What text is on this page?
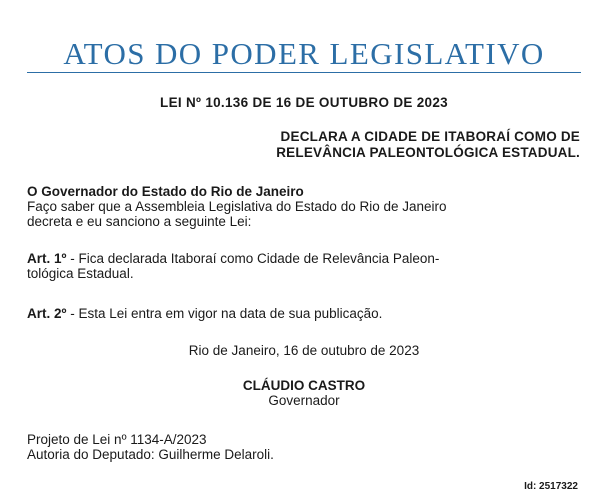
ATOS DO PODER LEGISLATIVO
LEI Nº 10.136 DE 16 DE OUTUBRO DE 2023
DECLARA A CIDADE DE ITABORAÍ COMO DE
RELEVÂNCIA PALEONTOLÓGICA ESTADUAL.
O Governador do Estado do Rio de Janeiro
Faço saber que a Assembleia Legislativa do Estado do Rio de Janeiro
decreta e eu sanciono a seguinte Lei:
Art. 1º - Fica declarada Itaboraí como Cidade de Relevância Paleon-
tológica Estadual.
Art. 2º - Esta Lei entra em vigor na data de sua publicação.
Rio de Janeiro, 16 de outubro de 2023
CLÁUDIO CASTRO
Governador
Projeto de Lei nº 1134-A/2023
Autoria do Deputado: Guilherme Delaroli.
Id: 2517322
